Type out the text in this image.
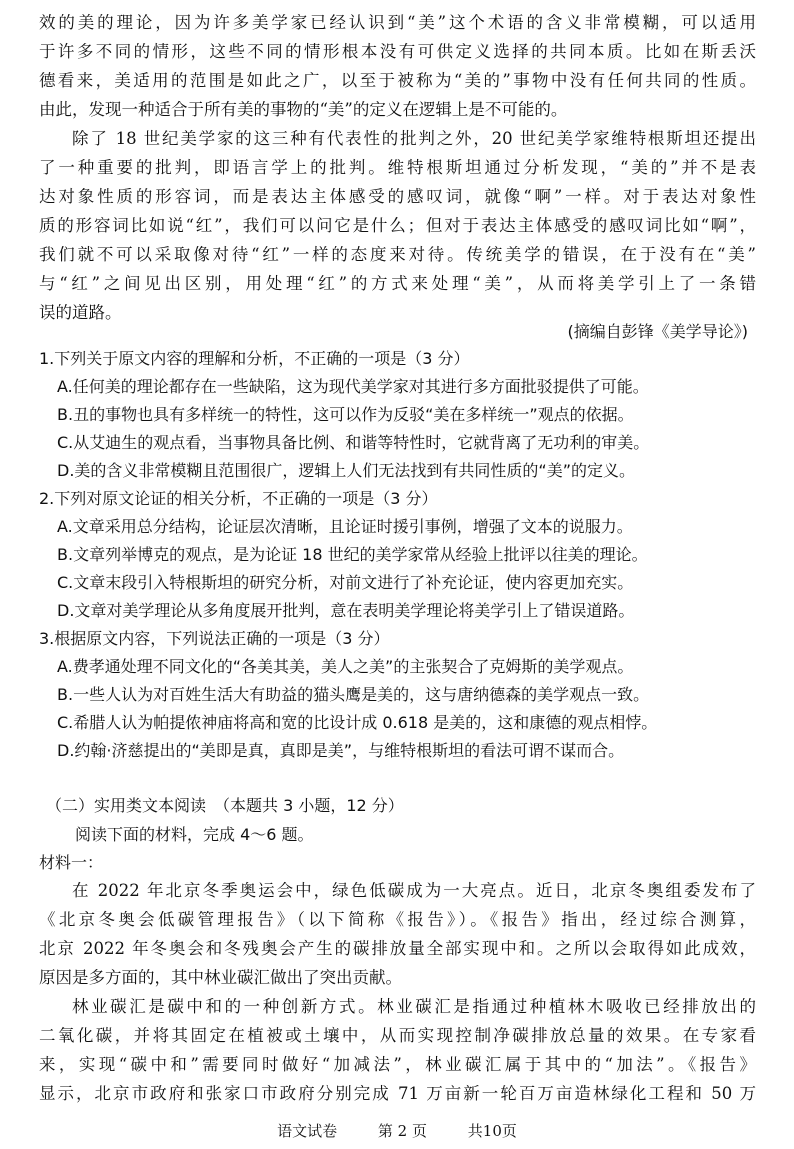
效的美的理论，因为许多美学家已经认识到“美”这个术语的含义非常模糊，可以适用
于许多不同的情形，这些不同的情形根本没有可供定义选择的共同本质。比如在斯丢沃
德看来，美适用的范围是如此之广，以至于被称为“美的”事物中没有任何共同的性质。
由此，发现一种适合于所有美的事物的“美”的定义在逻辑上是不可能的。
除了 18 世纪美学家的这三种有代表性的批判之外，20 世纪美学家维特根斯坦还提出
了一种重要的批判，即语言学上的批判。维特根斯坦通过分析发现，“美的”并不是表
达对象性质的形容词，而是表达主体感受的感叹词，就像“啊”一样。对于表达对象性
质的形容词比如说“红”，我们可以问它是什么；但对于表达主体感受的感叹词比如“啊”，
我们就不可以采取像对待“红”一样的态度来对待。传统美学的错误，在于没有在“美”
与“红”之间见出区别，用处理“红”的方式来处理“美”，从而将美学引上了一条错
误的道路。
(摘编自彭锋《美学导论》)
1.下列关于原文内容的理解和分析，不正确的一项是（3 分）
A.任何美的理论都存在一些缺陷，这为现代美学家对其进行多方面批驳提供了可能。
B.丑的事物也具有多样统一的特性，这可以作为反驳“美在多样统一”观点的依据。
C.从艾迪生的观点看，当事物具备比例、和谐等特性时，它就背离了无功利的审美。
D.美的含义非常模糊且范围很广，逻辑上人们无法找到有共同性质的“美”的定义。
2.下列对原文论证的相关分析，不正确的一项是（3 分）
A.文章采用总分结构，论证层次清晰，且论证时援引事例，增强了文本的说服力。
B.文章列举博克的观点，是为论证 18 世纪的美学家常从经验上批评以往美的理论。
C.文章末段引入特根斯坦的研究分析，对前文进行了补充论证，使内容更加充实。
D.文章对美学理论从多角度展开批判，意在表明美学理论将美学引上了错误道路。
3.根据原文内容，下列说法正确的一项是（3 分）
A.费孝通处理不同文化的“各美其美，美人之美”的主张契合了克姆斯的美学观点。
B.一些人认为对百姓生活大有助益的猫头鹰是美的，这与唐纳德森的美学观点一致。
C.希腊人认为帕提侬神庙将高和宽的比设计成 0.618 是美的，这和康德的观点相悖。
D.约翰·济慈提出的“美即是真，真即是美”，与维特根斯坦的看法可谓不谋而合。
（二）实用类文本阅读　（本题共 3 小题，12 分）
阅读下面的材料，完成 4～6 题。
材料一：
在 2022 年北京冬季奥运会中，绿色低碳成为一大亮点。近日，北京冬奥组委发布了
《北京冬奥会低碳管理报告》（以下简称《报告》）。《报告》指出，经过综合测算，
北京 2022 年冬奥会和冬残奥会产生的碳排放量全部实现中和。之所以会取得如此成效，
原因是多方面的，其中林业碳汇做出了突出贡献。
林业碳汇是碳中和的一种创新方式。林业碳汇是指通过种植林木吸收已经排放出的
二氧化碳，并将其固定在植被或土壤中，从而实现控制净碳排放总量的效果。在专家看
来，实现“碳中和”需要同时做好“加减法”，林业碳汇属于其中的“加法”。《报告》
显示，北京市政府和张家口市政府分别完成 71 万亩新一轮百万亩造林绿化工程和 50 万
语文试卷	第 2 页	共10页
